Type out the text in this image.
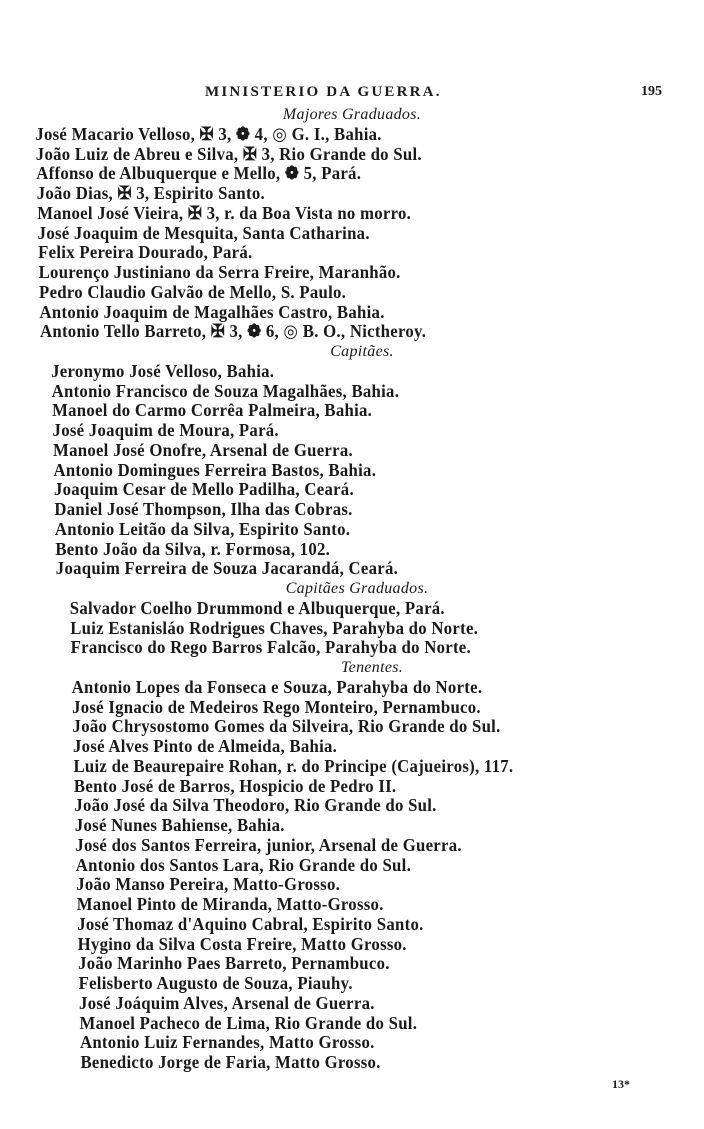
MINISTERIO DA GUERRA.	195
Majores Graduados.
José Macario Velloso, ✠ 3, ❁ 4, ◎ G. I., Bahia.
João Luiz de Abreu e Silva, ✠ 3, Rio Grande do Sul.
Affonso de Albuquerque e Mello, ❁ 5, Pará.
João Dias, ✠ 3, Espirito Santo.
Manoel José Vieira, ✠ 3, r. da Boa Vista no morro.
José Joaquim de Mesquita, Santa Catharina.
Felix Pereira Dourado, Pará.
Lourenço Justiniano da Serra Freire, Maranhão.
Pedro Claudio Galvão de Mello, S. Paulo.
Antonio Joaquim de Magalhães Castro, Bahia.
Antonio Tello Barreto, ✠ 3, ❁ 6, ◎ B. O., Nictheroy.
Capitães.
Jeronymo José Velloso, Bahia.
Antonio Francisco de Souza Magalhães, Bahia.
Manoel do Carmo Corrêa Palmeira, Bahia.
José Joaquim de Moura, Pará.
Manoel José Onofre, Arsenal de Guerra.
Antonio Domingues Ferreira Bastos, Bahia.
Joaquim Cesar de Mello Padilha, Ceará.
Daniel José Thompson, Ilha das Cobras.
Antonio Leitão da Silva, Espirito Santo.
Bento João da Silva, r. Formosa, 102.
Joaquim Ferreira de Souza Jacarandá, Ceará.
Capitães Graduados.
Salvador Coelho Drummond e Albuquerque, Pará.
Luiz Estanisláo Rodrigues Chaves, Parahyba do Norte.
Francisco do Rego Barros Falcão, Parahyba do Norte.
Tenentes.
Antonio Lopes da Fonseca e Souza, Parahyba do Norte.
José Ignacio de Medeiros Rego Monteiro, Pernambuco.
João Chrysostomo Gomes da Silveira, Rio Grande do Sul.
José Alves Pinto de Almeida, Bahia.
Luiz de Beaurepaire Rohan, r. do Principe (Cajueiros), 117.
Bento José de Barros, Hospicio de Pedro II.
João José da Silva Theodoro, Rio Grande do Sul.
José Nunes Bahiense, Bahia.
José dos Santos Ferreira, junior, Arsenal de Guerra.
Antonio dos Santos Lara, Rio Grande do Sul.
João Manso Pereira, Matto-Grosso.
Manoel Pinto de Miranda, Matto-Grosso.
José Thomaz d'Aquino Cabral, Espirito Santo.
Hygino da Silva Costa Freire, Matto Grosso.
João Marinho Paes Barreto, Pernambuco.
Felisberto Augusto de Souza, Piauhy.
José Joáquim Alves, Arsenal de Guerra.
Manoel Pacheco de Lima, Rio Grande do Sul.
Antonio Luiz Fernandes, Matto Grosso.
Benedicto Jorge de Faria, Matto Grosso.
13*
